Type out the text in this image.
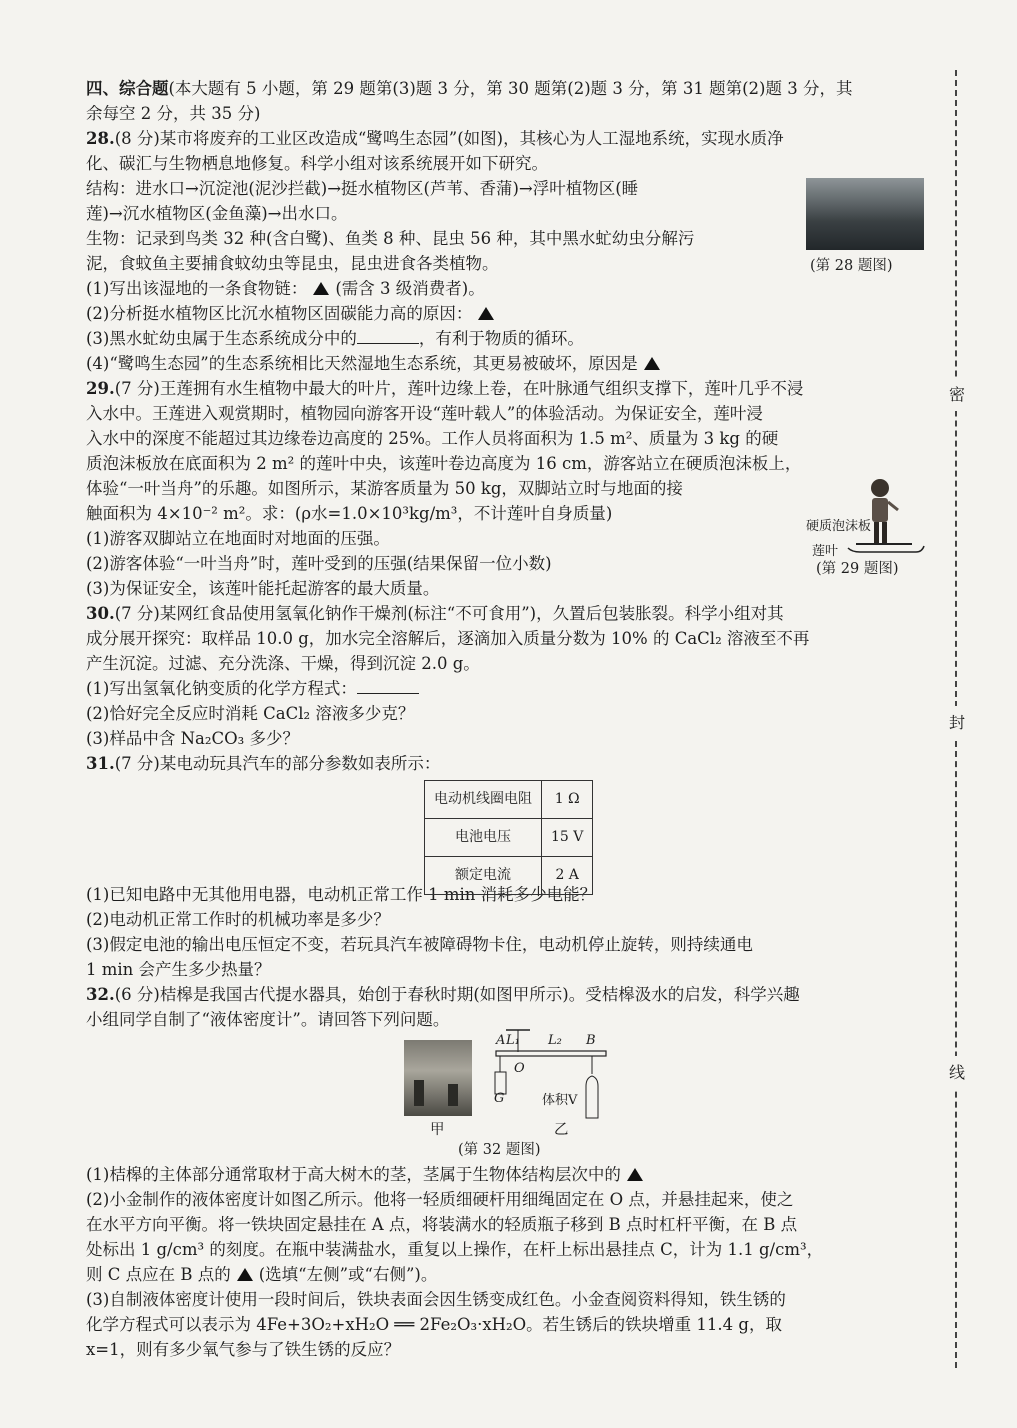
密
封
线
四、综合题(本大题有 5 小题，第 29 题第(3)题 3 分，第 30 题第(2)题 3 分，第 31 题第(2)题 3 分，其
余每空 2 分，共 35 分)
28.(8 分)某市将废弃的工业区改造成“鹭鸣生态园”(如图)，其核心为人工湿地系统，实现水质净
化、碳汇与生物栖息地修复。科学小组对该系统展开如下研究。
结构：进水口→沉淀池(泥沙拦截)→挺水植物区(芦苇、香蒲)→浮叶植物区(睡
莲)→沉水植物区(金鱼藻)→出水口。
生物：记录到鸟类 32 种(含白鹭)、鱼类 8 种、昆虫 56 种，其中黑水虻幼虫分解污
泥，食蚊鱼主要捕食蚊幼虫等昆虫，昆虫进食各类植物。
(1)写出该湿地的一条食物链： (需含 3 级消费者)。
(2)分析挺水植物区比沉水植物区固碳能力高的原因：
(3)黑水虻幼虫属于生态系统成分中的	，有利于物质的循环。
(4)“鹭鸣生态园”的生态系统相比天然湿地生态系统，其更易被破坏，原因是
29.(7 分)王莲拥有水生植物中最大的叶片，莲叶边缘上卷，在叶脉通气组织支撑下，莲叶几乎不浸
入水中。王莲进入观赏期时，植物园向游客开设“莲叶载人”的体验活动。为保证安全，莲叶浸
入水中的深度不能超过其边缘卷边高度的 25%。工作人员将面积为 1.5 m²、质量为 3 kg 的硬
质泡沫板放在底面积为 2 m² 的莲叶中央，该莲叶卷边高度为 16 cm，游客站立在硬质泡沫板上，
体验“一叶当舟”的乐趣。如图所示，某游客质量为 50 kg，双脚站立时与地面的接
触面积为 4×10⁻² m²。求：(ρ水=1.0×10³kg/m³，不计莲叶自身质量)
(1)游客双脚站立在地面时对地面的压强。
(2)游客体验“一叶当舟”时，莲叶受到的压强(结果保留一位小数)
(3)为保证安全，该莲叶能托起游客的最大质量。
30.(7 分)某网红食品使用氢氧化钠作干燥剂(标注“不可食用”)，久置后包装胀裂。科学小组对其
成分展开探究：取样品 10.0 g，加水完全溶解后，逐滴加入质量分数为 10% 的 CaCl₂ 溶液至不再
产生沉淀。过滤、充分洗涤、干燥，得到沉淀 2.0 g。
(1)写出氢氧化钠变质的化学方程式：
(2)恰好完全反应时消耗 CaCl₂ 溶液多少克？
(3)样品中含 Na₂CO₃ 多少？
31.(7 分)某电动玩具汽车的部分参数如表所示：
电动机线圈电阻	1 Ω
电池电压	15 V
额定电流	2 A
(1)已知电路中无其他用电器，电动机正常工作 1 min 消耗多少电能？
(2)电动机正常工作时的机械功率是多少？
(3)假定电池的输出电压恒定不变，若玩具汽车被障碍物卡住，电动机停止旋转，则持续通电
1 min 会产生多少热量？
32.(6 分)桔槔是我国古代提水器具，始创于春秋时期(如图甲所示)。受桔槔汲水的启发，科学兴趣
小组同学自制了“液体密度计”。请回答下列问题。
甲
A L₁ L₂ B
O
G	体积V
乙
(第 32 题图)
(1)桔槔的主体部分通常取材于高大树木的茎，茎属于生物体结构层次中的
(2)小金制作的液体密度计如图乙所示。他将一轻质细硬杆用细绳固定在 O 点，并悬挂起来，使之
在水平方向平衡。将一铁块固定悬挂在 A 点，将装满水的轻质瓶子移到 B 点时杠杆平衡，在 B 点
处标出 1 g/cm³ 的刻度。在瓶中装满盐水，重复以上操作，在杆上标出悬挂点 C，计为 1.1 g/cm³，
则 C 点应在 B 点的 (选填“左侧”或“右侧”)。
(3)自制液体密度计使用一段时间后，铁块表面会因生锈变成红色。小金查阅资料得知，铁生锈的
化学方程式可以表示为 4Fe+3O₂+xH₂O ══ 2Fe₂O₃·xH₂O。若生锈后的铁块增重 11.4 g，取
x=1，则有多少氧气参与了铁生锈的反应？
(第 28 题图)
硬质泡沫板
莲叶
(第 29 题图)
